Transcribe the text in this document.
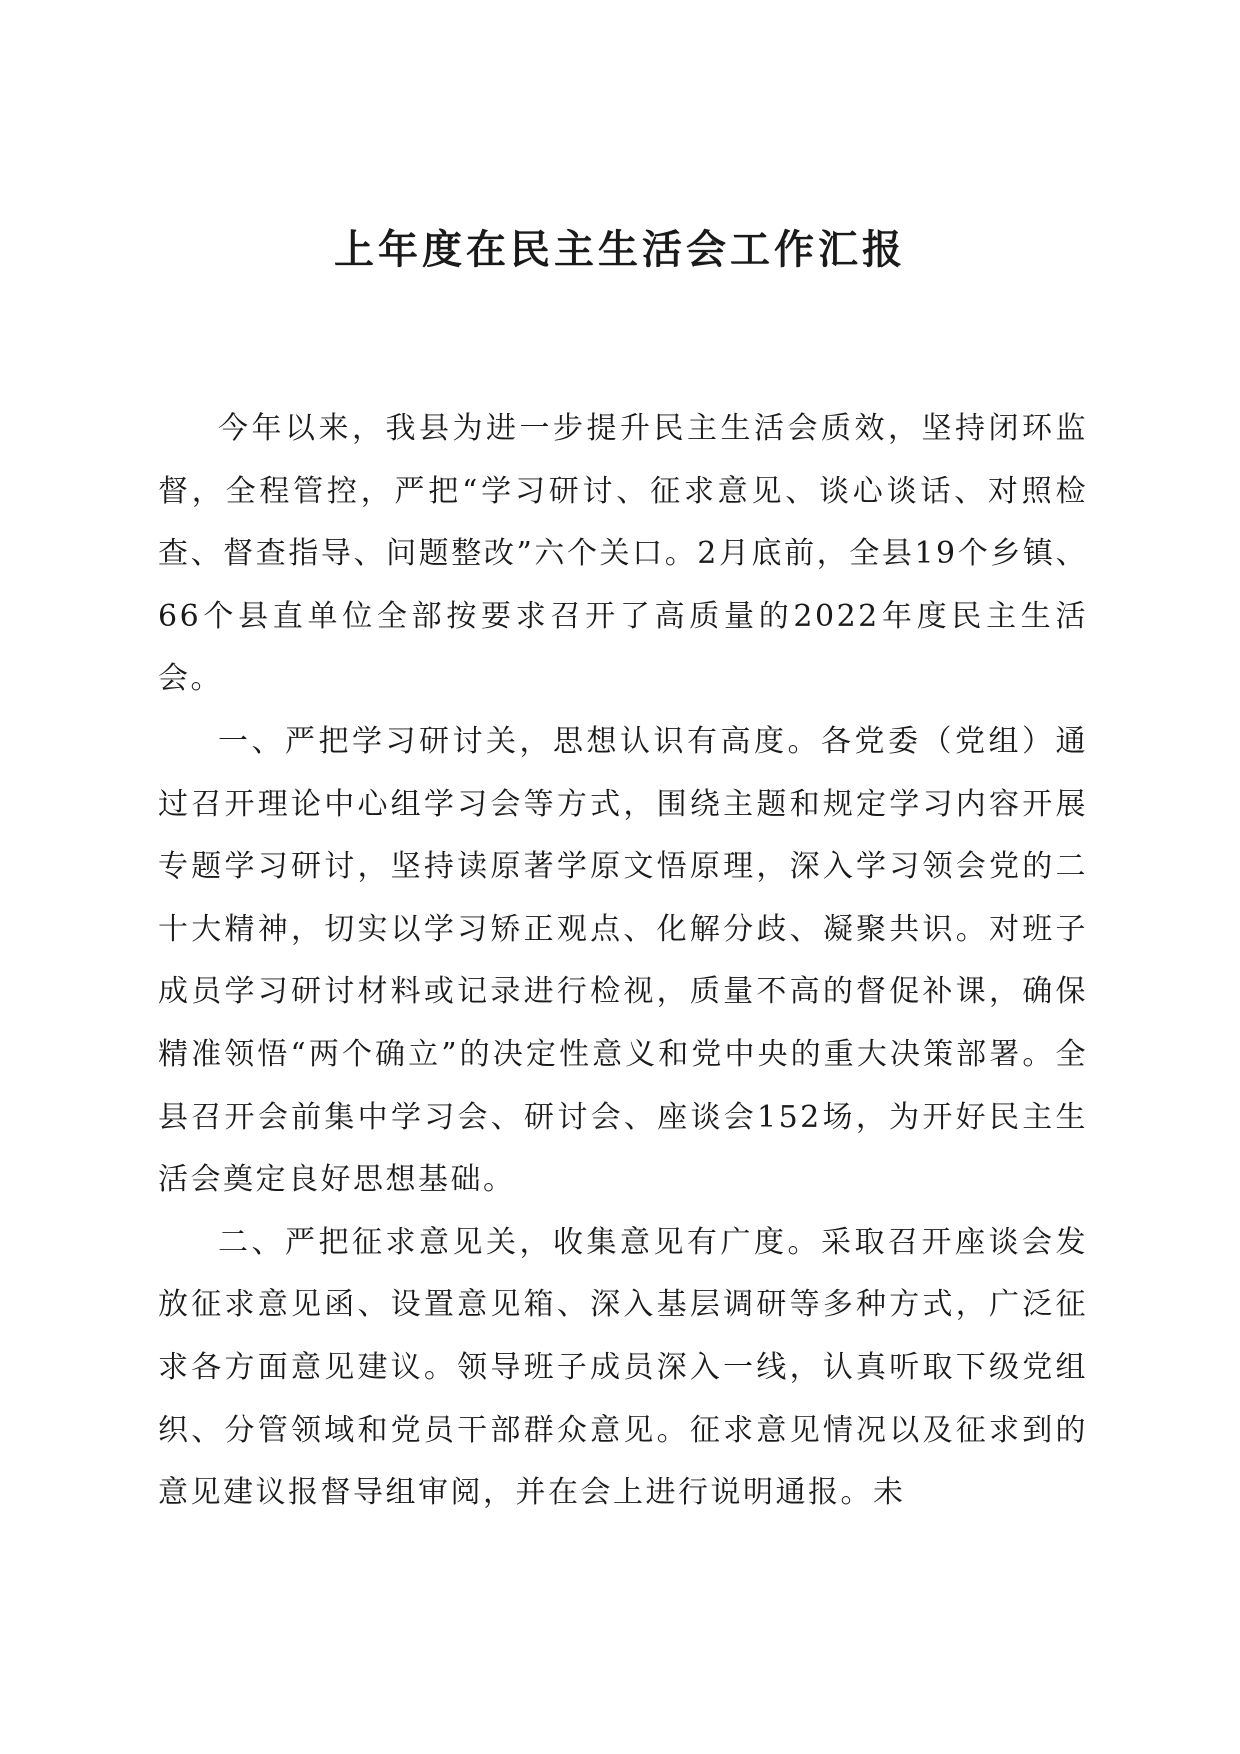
上年度在民主生活会工作汇报

今年以来，我县为进一步提升民主生活会质效，坚持闭环监督，全程管控，严把“学习研讨、征求意见、谈心谈话、对照检查、督查指导、问题整改”六个关口。2月底前，全县19个乡镇、66个县直单位全部按要求召开了高质量的2022年度民主生活会。

一、严把学习研讨关，思想认识有高度。各党委（党组）通过召开理论中心组学习会等方式，围绕主题和规定学习内容开展专题学习研讨，坚持读原著学原文悟原理，深入学习领会党的二十大精神，切实以学习矫正观点、化解分歧、凝聚共识。对班子成员学习研讨材料或记录进行检视，质量不高的督促补课，确保精准领悟“两个确立”的决定性意义和党中央的重大决策部署。全县召开会前集中学习会、研讨会、座谈会152场，为开好民主生活会奠定良好思想基础。

二、严把征求意见关，收集意见有广度。采取召开座谈会发放征求意见函、设置意见箱、深入基层调研等多种方式，广泛征求各方面意见建议。领导班子成员深入一线，认真听取下级党组织、分管领域和党员干部群众意见。征求意见情况以及征求到的意见建议报督导组审阅，并在会上进行说明通报。未
